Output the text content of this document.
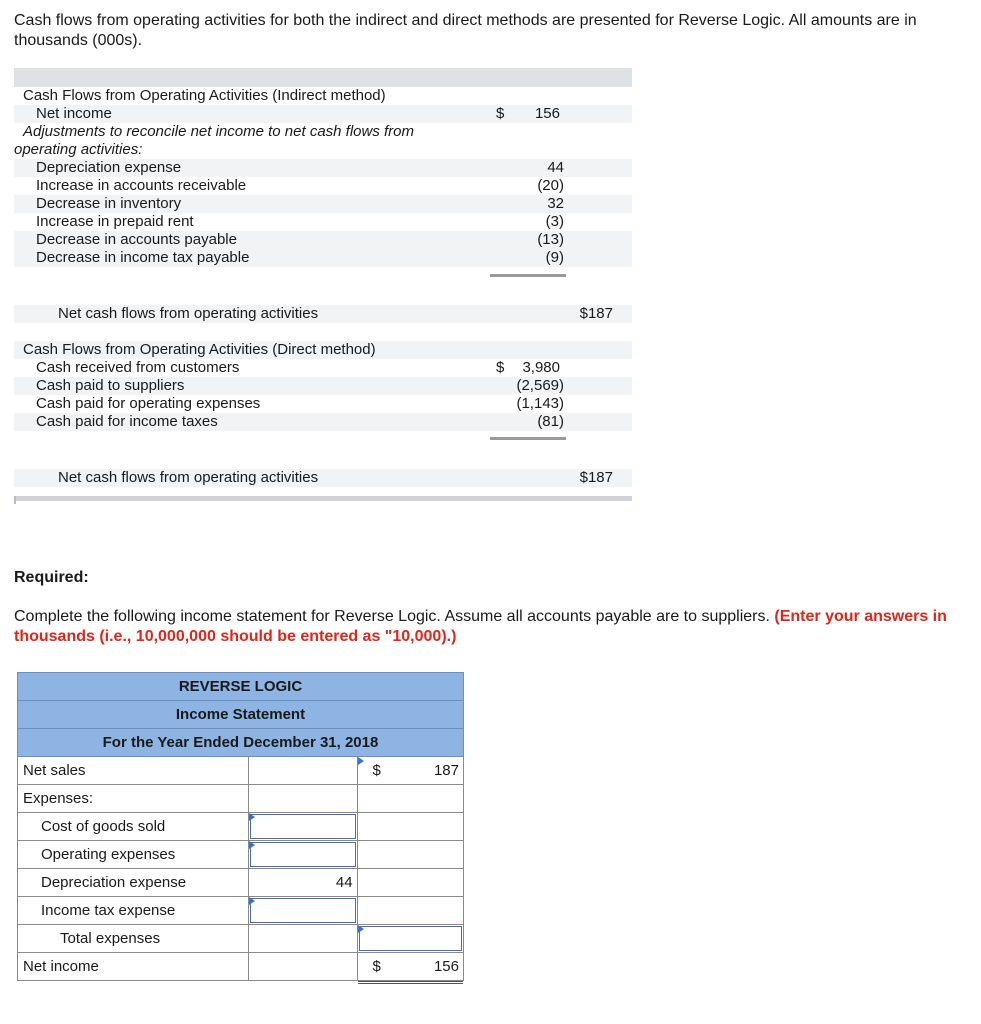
Cash flows from operating activities for both the indirect and direct methods are presented for Reverse Logic. All amounts are in thousands (000s).
Cash Flows from Operating Activities (Indirect method)
Net income	$ 156
Adjustments to reconcile net income to net cash flows from
operating activities:
Depreciation expense	44
Increase in accounts receivable	(20)
Decrease in inventory	32
Increase in prepaid rent	(3)
Decrease in accounts payable	(13)
Decrease in income tax payable	(9)
Net cash flows from operating activities	$187
Cash Flows from Operating Activities (Direct method)
Cash received from customers	$ 3,980
Cash paid to suppliers	(2,569)
Cash paid for operating expenses	(1,143)
Cash paid for income taxes	(81)
Net cash flows from operating activities	$187
Required:
Complete the following income statement for Reverse Logic. Assume all accounts payable are to suppliers. (Enter your answers in thousands (i.e., 10,000,000 should be entered as "10,000).)
REVERSE LOGIC		
Income Statement		
For the Year Ended December 31, 2018		
Net sales		$ 187

Expenses:		
Cost of goods sold	

Operating expenses	

Depreciation expense	44	

Income tax expense	

Total expenses		

Net income		$ 156
